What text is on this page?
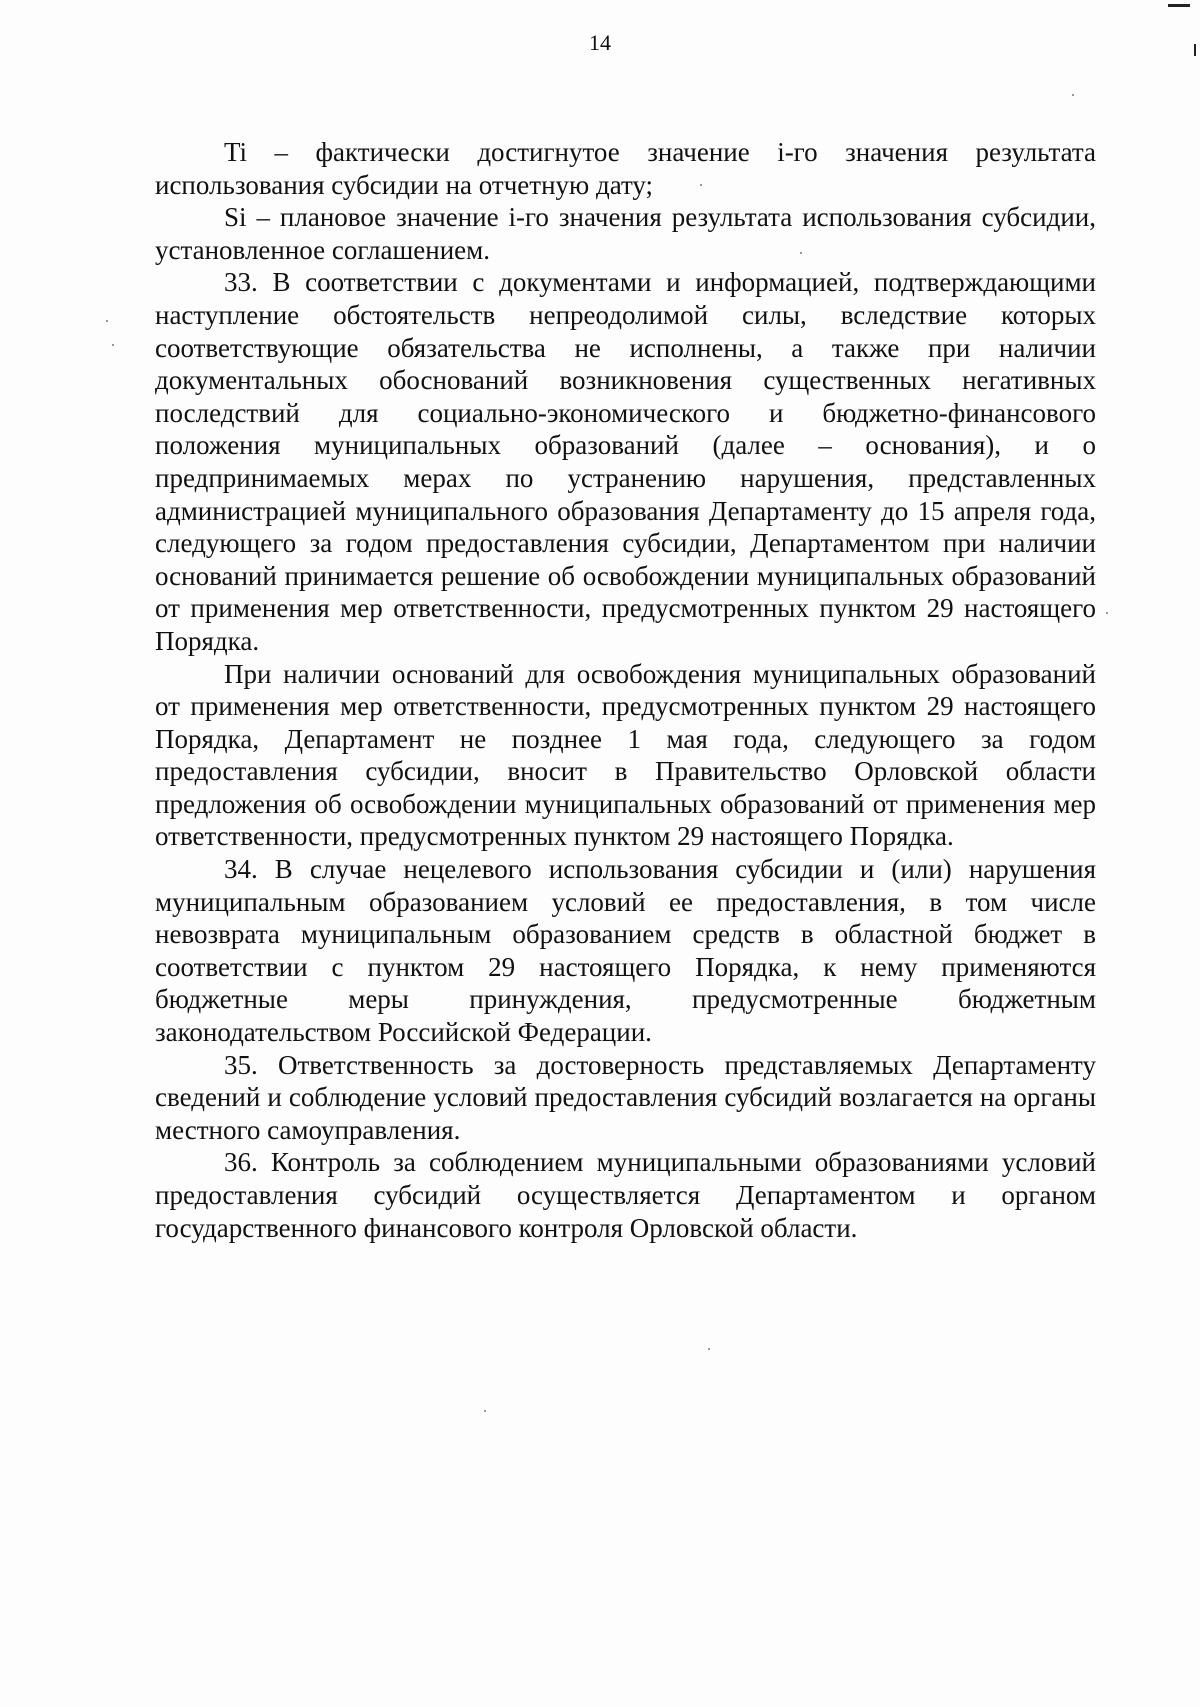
14

Ti – фактически достигнутое значение i-го значения результата использования субсидии на отчетную дату;

Si – плановое значение i-го значения результата использования субсидии, установленное соглашением.

33. В соответствии с документами и информацией, подтверждающими наступление обстоятельств непреодолимой силы, вследствие которых соответствующие обязательства не исполнены, а также при наличии документальных обоснований возникновения существенных негативных последствий для социально-экономического и бюджетно-финансового положения муниципальных образований (далее – основания), и о предпринимаемых мерах по устранению нарушения, представленных администрацией муниципального образования Департаменту до 15 апреля года, следующего за годом предоставления субсидии, Департаментом при наличии оснований принимается решение об освобождении муниципальных образований от применения мер ответственности, предусмотренных пунктом 29 настоящего Порядка.

При наличии оснований для освобождения муниципальных образований от применения мер ответственности, предусмотренных пунктом 29 настоящего Порядка, Департамент не позднее 1 мая года, следующего за годом предоставления субсидии, вносит в Правительство Орловской области предложения об освобождении муниципальных образований от применения мер ответственности, предусмотренных пунктом 29 настоящего Порядка.

34. В случае нецелевого использования субсидии и (или) нарушения муниципальным образованием условий ее предоставления, в том числе невозврата муниципальным образованием средств в областной бюджет в соответствии с пунктом 29 настоящего Порядка, к нему применяются бюджетные меры принуждения, предусмотренные бюджетным законодательством Российской Федерации.

35. Ответственность за достоверность представляемых Департаменту сведений и соблюдение условий предоставления субсидий возлагается на органы местного самоуправления.

36. Контроль за соблюдением муниципальными образованиями условий предоставления субсидий осуществляется Департаментом и органом государственного финансового контроля Орловской области.
